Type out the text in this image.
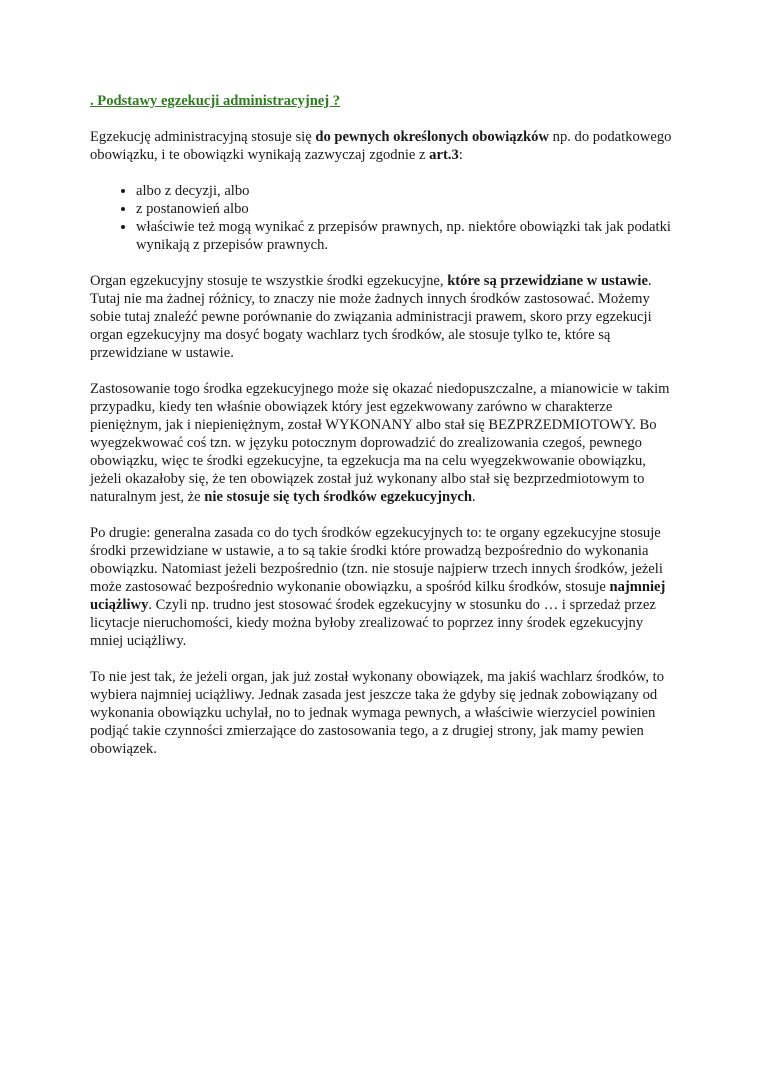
. Podstawy egzekucji administracyjnej ?

Egzekucję administracyjną stosuje się do pewnych określonych obowiązków np. do podatkowego obowiązku, i te obowiązki wynikają zazwyczaj zgodnie z art.3:

• albo z decyzji, albo
• z postanowień albo
• właściwie też mogą wynikać z przepisów prawnych, np. niektóre obowiązki tak jak podatki wynikają z przepisów prawnych.

Organ egzekucyjny stosuje te wszystkie środki egzekucyjne, które są przewidziane w ustawie. Tutaj nie ma żadnej różnicy, to znaczy nie może żadnych innych środków zastosować. Możemy sobie tutaj znaleźć pewne porównanie do związania administracji prawem, skoro przy egzekucji organ egzekucyjny ma dosyć bogaty wachlarz tych środków, ale stosuje tylko te, które są przewidziane w ustawie.

Zastosowanie togo środka egzekucyjnego może się okazać niedopuszczalne, a mianowicie w takim przypadku, kiedy ten właśnie obowiązek który jest egzekwowany zarówno w charakterze pieniężnym, jak i niepieniężnym, został WYKONANY albo stał się BEZPRZEDMIOTOWY. Bo wyegzekwować coś tzn. w języku potocznym doprowadzić do zrealizowania czegoś, pewnego obowiązku, więc te środki egzekucyjne, ta egzekucja ma na celu wyegzekwowanie obowiązku, jeżeli okazałoby się, że ten obowiązek został już wykonany albo stał się bezprzedmiotowym to naturalnym jest, że nie stosuje się tych środków egzekucyjnych.

Po drugie: generalna zasada co do tych środków egzekucyjnych to: te organy egzekucyjne stosuje środki przewidziane w ustawie, a to są takie środki które prowadzą bezpośrednio do wykonania obowiązku. Natomiast jeżeli bezpośrednio (tzn. nie stosuje najpierw trzech innych środków, jeżeli może zastosować bezpośrednio wykonanie obowiązku, a spośród kilku środków, stosuje najmniej uciążliwy. Czyli np. trudno jest stosować środek egzekucyjny w stosunku do … i sprzedaż przez licytacje nieruchomości, kiedy można byłoby zrealizować to poprzez inny środek egzekucyjny mniej uciążliwy.

To nie jest tak, że jeżeli organ, jak już został wykonany obowiązek, ma jakiś wachlarz środków, to wybiera najmniej uciążliwy. Jednak zasada jest jeszcze taka że gdyby się jednak zobowiązany od wykonania obowiązku uchylał, no to jednak wymaga pewnych, a właściwie wierzyciel powinien podjąć takie czynności zmierzające do zastosowania tego, a z drugiej strony, jak mamy pewien obowiązek.
